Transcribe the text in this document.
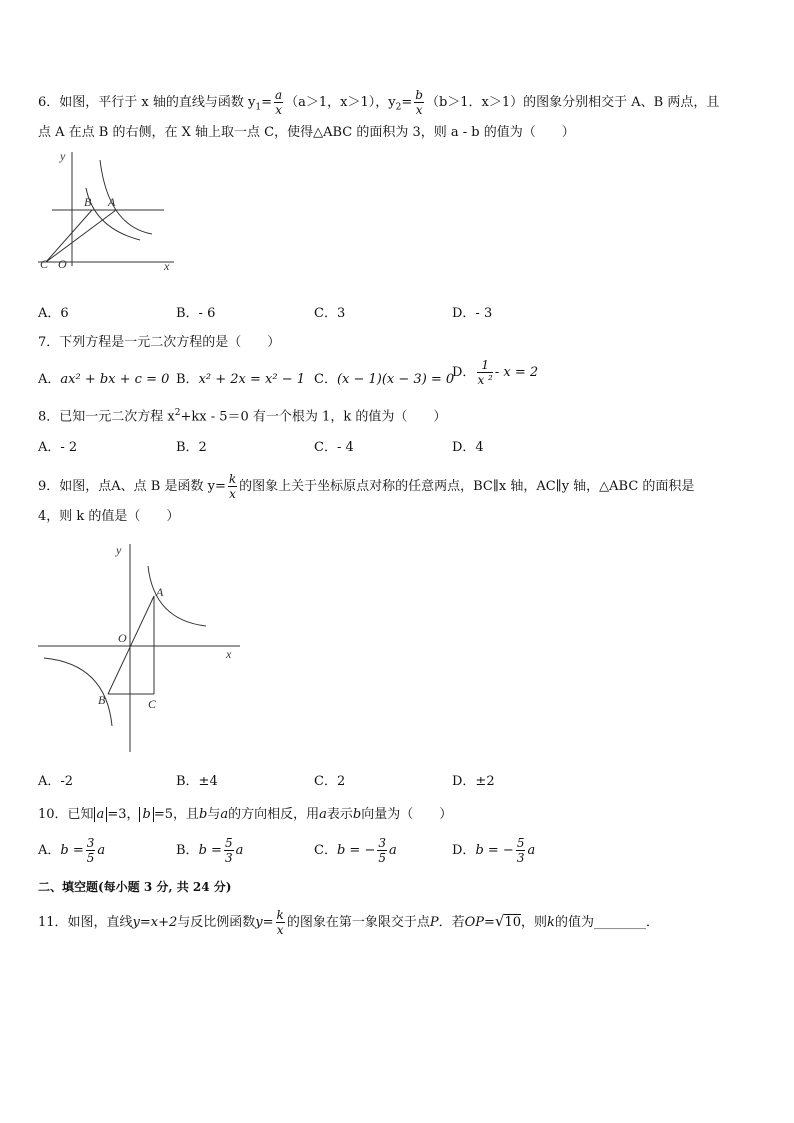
6．如图，平行于 x 轴的直线与函数 $y_1= \frac{a}{x} (a>1$，x＞1），$y_2= \frac{b}{x} (b>1$．x＞1）的图象分别相交于 A、B 两点，且
点 A 在点 B 的右侧，在 X 轴上取一点 C，使得△ABC 的面积为 3，则 a - b 的值为（　　）
y
x
B A
C O
A．6	B．- 6	C．3	D．- 3
7．下列方程是一元二次方程的是（　　）
A．ax² + bx + c = 0 B．x² + 2x = x² − 1 C．(x − 1)(x − 3) = 0
D． $\frac{1}{\text{x ²}} - x = 2$
8．已知一元二次方程 $x^2+kx - 5=0$ 有一个根为 1，k 的值为（　　）
A．- 2	B．2	C．- 4	D．4
9．如图，点A、点 B 是函数 $y= \frac{k}{x}$ 的图象上关于坐标原点对称的任意两点，BC∥x 轴，AC∥y 轴，△ABC 的面积是
4，则 k 的值是（　　）
y
x
O
A
B	C
A．-2	B．±4	C．2	D．±2
10．已知 a =3， b =5，且b与a的方向相反，用a表示b向量为（　　）
A．$b = \frac{3}{5}$ a	B．$b = \frac{5}{3}$ a	C．b = − $\frac{3}{5}$ a	D．b = − $\frac{5}{3}$ a
二、填空题(每小题 3 分, 共 24 分)
11．如图，直线y=x+2与反比例函数$y= \frac{k}{x}$ 的图象在第一象限交于点P．若OP=√10，则k的值为________．
